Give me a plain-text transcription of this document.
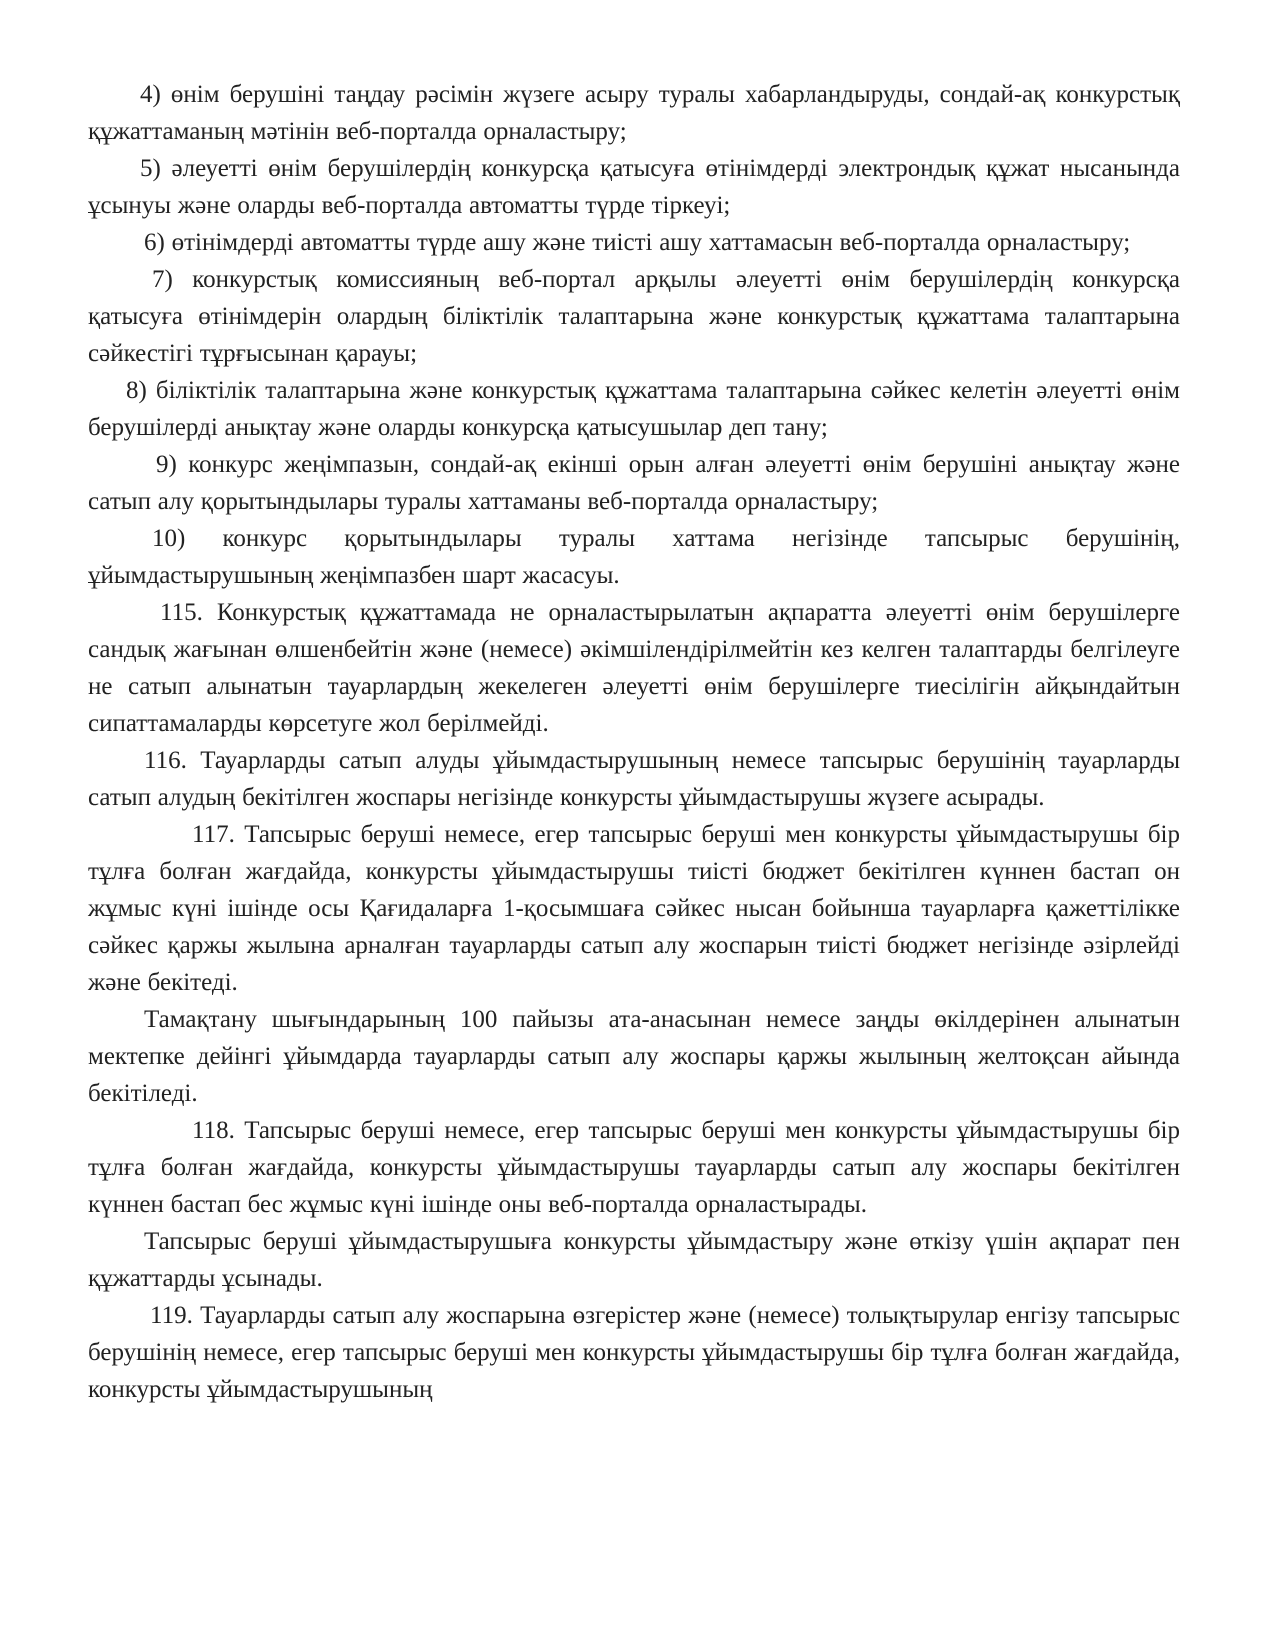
4) өнім берушіні таңдау рәсімін жүзеге асыру туралы хабарландыруды, сондай-ақ конкурстық құжаттаманың мәтінін веб-порталда орналастыру;

5) әлеуетті өнім берушілердің конкурсқа қатысуға өтінімдерді электрондық құжат нысанында ұсынуы және оларды веб-порталда автоматты түрде тіркеуі;

6) өтінімдерді автоматты түрде ашу және тиісті ашу хаттамасын веб-порталда орналастыру;

7) конкурстық комиссияның веб-портал арқылы әлеуетті өнім берушілердің конкурсқа қатысуға өтінімдерін олардың біліктілік талаптарына және конкурстық құжаттама талаптарына сәйкестігі тұрғысынан қарауы;

8) біліктілік талаптарына және конкурстық құжаттама талаптарына сәйкес келетін әлеуетті өнім берушілерді анықтау және оларды конкурсқа қатысушылар деп тану;

9) конкурс жеңімпазын, сондай-ақ екінші орын алған әлеуетті өнім берушіні анықтау және сатып алу қорытындылары туралы хаттаманы веб-порталда орналастыру;

10) конкурс қорытындылары туралы хаттама негізінде тапсырыс берушінің, ұйымдастырушының жеңімпазбен шарт жасасуы.

115. Конкурстық құжаттамада не орналастырылатын ақпаратта әлеуетті өнім берушілерге сандық жағынан өлшенбейтін және (немесе) әкімшілендірілмейтін кез келген талаптарды белгілеуге не сатып алынатын тауарлардың жекелеген әлеуетті өнім берушілерге тиесілігін айқындайтын сипаттамаларды көрсетуге жол берілмейді.

116. Тауарларды сатып алуды ұйымдастырушының немесе тапсырыс берушінің тауарларды сатып алудың бекітілген жоспары негізінде конкурсты ұйымдастырушы жүзеге асырады.

117. Тапсырыс беруші немесе, егер тапсырыс беруші мен конкурсты ұйымдастырушы бір тұлға болған жағдайда, конкурсты ұйымдастырушы тиісті бюджет бекітілген күннен бастап он жұмыс күні ішінде осы Қағидаларға 1-қосымшаға сәйкес нысан бойынша тауарларға қажеттілікке сәйкес қаржы жылына арналған тауарларды сатып алу жоспарын тиісті бюджет негізінде әзірлейді және бекітеді.

Тамақтану шығындарының 100 пайызы ата-анасынан немесе заңды өкілдерінен алынатын мектепке дейінгі ұйымдарда тауарларды сатып алу жоспары қаржы жылының желтоқсан айында бекітіледі.

118. Тапсырыс беруші немесе, егер тапсырыс беруші мен конкурсты ұйымдастырушы бір тұлға болған жағдайда, конкурсты ұйымдастырушы тауарларды сатып алу жоспары бекітілген күннен бастап бес жұмыс күні ішінде оны веб-порталда орналастырады.

Тапсырыс беруші ұйымдастырушыға конкурсты ұйымдастыру және өткізу үшін ақпарат пен құжаттарды ұсынады.

119. Тауарларды сатып алу жоспарына өзгерістер және (немесе) толықтырулар енгізу тапсырыс берушінің немесе, егер тапсырыс беруші мен конкурсты ұйымдастырушы бір тұлға болған жағдайда, конкурсты ұйымдастырушының
